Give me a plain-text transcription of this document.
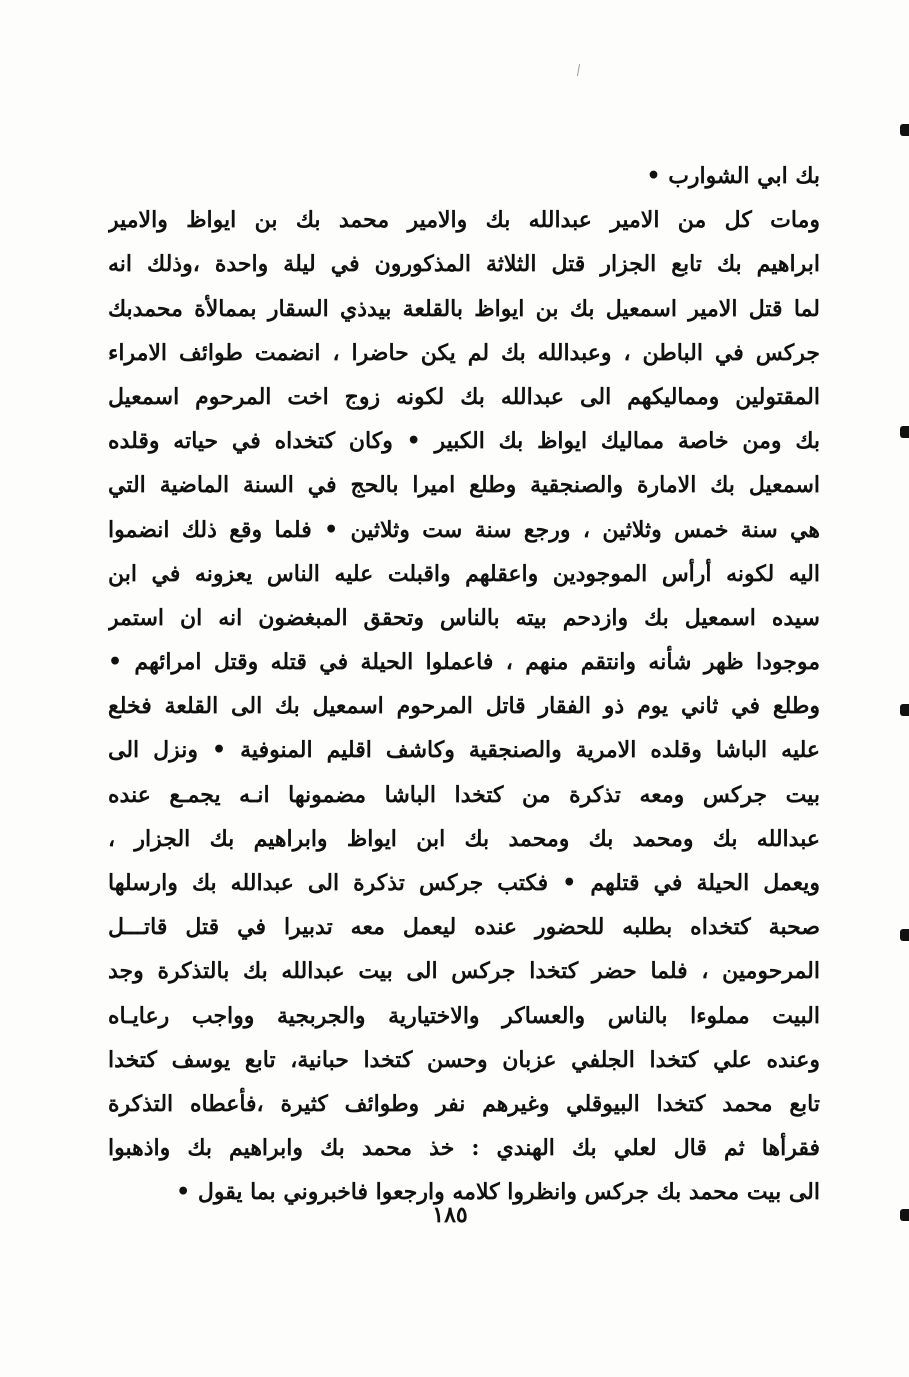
بك ابي الشوارب •
ومات كل من الامير عبدالله بك والامير محمد بك بن ايواظ والامير
ابراهيم بك تابع الجزار قتل الثلاثة المذكورون في ليلة واحدة ،وذلك انه
لما قتل الامير اسمعيل بك بن ايواظ بالقلعة بيدذي السقار بممالأة محمدبك
جركس في الباطن ، وعبدالله بك لم يكن حاضرا ، انضمت طوائف الامراء
المقتولين ومماليكهم الى عبدالله بك لكونه زوج اخت المرحوم اسمعيل
بك ومن خاصة مماليك ايواظ بك الكبير • وكان كتخداه في حياته وقلده
اسمعيل بك الامارة والصنجقية وطلع اميرا بالحج في السنة الماضية التي
هي سنة خمس وثلاثين ، ورجع سنة ست وثلاثين • فلما وقع ذلك انضموا
اليه لكونه أرأس الموجودين واعقلهم واقبلت عليه الناس يعزونه في ابن
سيده اسمعيل بك وازدحم بيته بالناس وتحقق المبغضون انه ان استمر
موجودا ظهر شأنه وانتقم منهم ، فاعملوا الحيلة في قتله وقتل امرائهم •
وطلع في ثاني يوم ذو الفقار قاتل المرحوم اسمعيل بك الى القلعة فخلع
عليه الباشا وقلده الامرية والصنجقية وكاشف اقليم المنوفية • ونزل الى
بيت جركس ومعه تذكرة من كتخدا الباشا مضمونها انـه يجمـع عنده
عبدالله بك ومحمد بك ومحمد بك ابن ايواظ وابراهيم بك الجزار ،
ويعمل الحيلة في قتلهم • فكتب جركس تذكرة الى عبدالله بك وارسلها
صحبة كتخداه بطلبه للحضور عنده ليعمل معه تدبيرا في قتل قاتـــل
المرحومين ، فلما حضر كتخدا جركس الى بيت عبدالله بك بالتذكرة وجد
البيت مملوءا بالناس والعساكر والاختيارية والجربجية وواجب رعايـاه
وعنده علي كتخدا الجلفي عزبان وحسن كتخدا حبانية، تابع يوسف كتخدا
تابع محمد كتخدا البيوقلي وغيرهم نفر وطوائف كثيرة ،فأعطاه التذكرة
فقرأها ثم قال لعلي بك الهندي : خذ محمد بك وابراهيم بك واذهبوا
الى بيت محمد بك جركس وانظروا كلامه وارجعوا فاخبروني بما يقول •
١٨٥
